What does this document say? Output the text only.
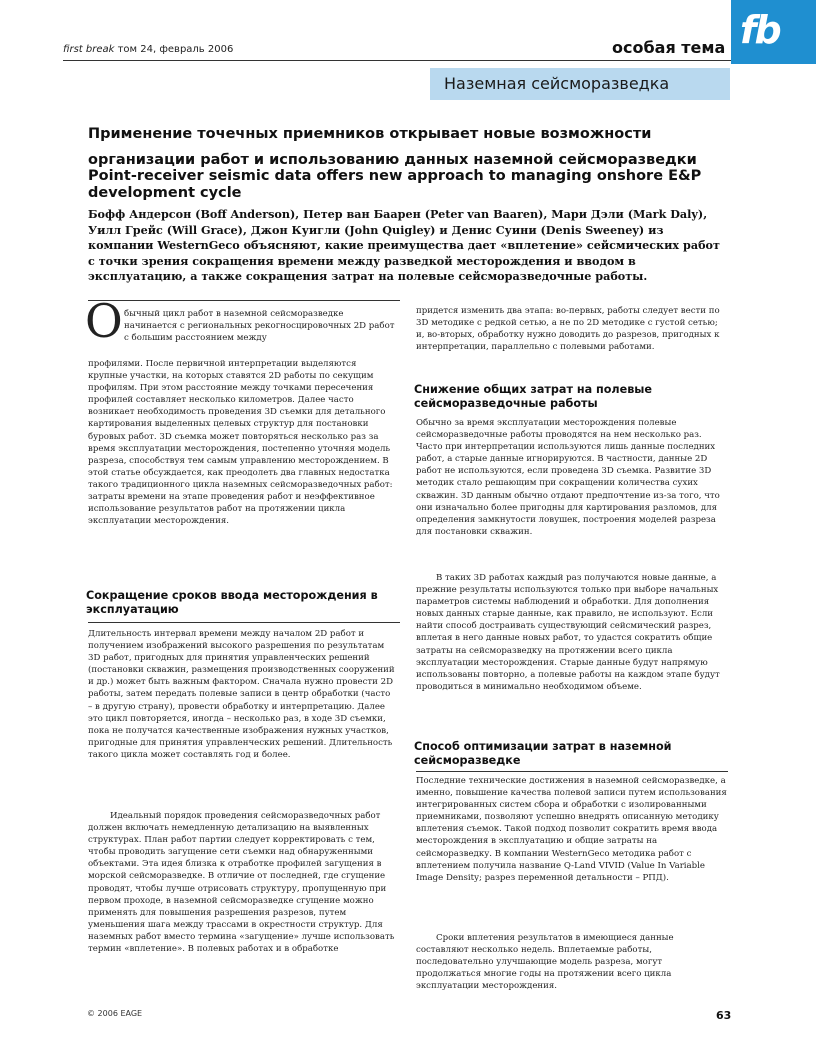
fb
first break том 24, февраль 2006	особая тема
Наземная сейсморазведка
Применение точечных приемников открывает новые возможности организации работ и использованию данных наземной сейсморазведки
Point-receiver seismic data offers new approach to managing onshore E&P development cycle
Бофф Андерсон (Boff Anderson), Петер ван Баарен (Peter van Baaren), Мари Дэли (Mark Daly), Уилл Грейс (Will Grace), Джон Куигли (John Quigley) и Денис Суини (Denis Sweeney) из компании WesternGeco объясняют, какие преимущества дает «вплетение» сейсмических работ с точки зрения сокращения времени между разведкой месторождения и вводом в эксплуатацию, а также сокращения затрат на полевые сейсморазведочные работы.
О бычный цикл работ в наземной сейсморазведке начинается с региональных рекогносцировочных 2D работ с большим расстоянием между
профилями. После первичной интерпретации выделяются крупные участки, на которых ставятся 2D работы по секущим профилям. При этом расстояние между точками пересечения профилей составляет несколько километров. Далее часто возникает необходимость проведения 3D съемки для детального картирования выделенных целевых структур для постановки буровых работ. 3D съемка может повторяться несколько раз за время эксплуатации месторождения, постепенно уточняя модель разреза, способствуя тем самым управлению месторождением. В этой статье обсуждается, как преодолеть два главных недостатка такого традиционного цикла наземных сейсморазведочных работ: затраты времени на этапе проведения работ и неэффективное использование результатов работ на протяжении цикла эксплуатации месторождения.
Сокращение сроков ввода месторождения в эксплуатацию
Длительность интервал времени между началом 2D работ и получением изображений высокого разрешения по результатам 3D работ, пригодных для принятия управленческих решений (постановки скважин, размещения производственных сооружений и др.) может быть важным фактором. Сначала нужно провести 2D работы, затем передать полевые записи в центр обработки (часто – в другую страну), провести обработку и интерпретацию. Далее это цикл повторяется, иногда – несколько раз, в ходе 3D съемки, пока не получатся качественные изображения нужных участков, пригодные для принятия управленческих решений. Длительность такого цикла может составлять год и более.
Идеальный порядок проведения сейсморазведочных работ должен включать немедленную детализацию на выявленных структурах. План работ партии следует корректировать с тем, чтобы проводить загущение сети съемки над обнаруженными объектами. Эта идея близка к отработке профилей загущения в морской сейсморазведке. В отличие от последней, где сгущение проводят, чтобы лучше отрисовать структуру, пропущенную при первом проходе, в наземной сейсморазведке сгущение можно применять для повышения разрешения разрезов, путем уменьшения шага между трассами в окрестности структур. Для наземных работ вместо термина «загущение» лучше использовать термин «вплетение». В полевых работах и в обработке
придется изменить два этапа: во-первых, работы следует вести по 3D методике с редкой сетью, а не по 2D методике с густой сетью; и, во-вторых, обработку нужно доводить до разрезов, пригодных к интерпретации, параллельно с полевыми работами.
Снижение общих затрат на полевые сейсморазведочные работы
Обычно за время эксплуатации месторождения полевые сейсморазведочные работы проводятся на нем несколько раз. Часто при интерпретации используются лишь данные последних работ, а старые данные игнорируются. В частности, данные 2D работ не используются, если проведена 3D съемка. Развитие 3D методик стало решающим при сокращении количества сухих скважин. 3D данным обычно отдают предпочтение из-за того, что они изначально более пригодны для картирования разломов, для определения замкнутости ловушек, построения моделей разреза для постановки скважин.
В таких 3D работах каждый раз получаются новые данные, а прежние результаты используются только при выборе начальных параметров системы наблюдений и обработки. Для дополнения новых данных старые данные, как правило, не используют. Если найти способ достраивать существующий сейсмический разрез, вплетая в него данные новых работ, то удастся сократить общие затраты на сейсморазведку на протяжении всего цикла эксплуатации месторождения. Старые данные будут напрямую использованы повторно, а полевые работы на каждом этапе будут проводиться в минимально необходимом объеме.
Способ оптимизации затрат в наземной сейсморазведке
Последние технические достижения в наземной сейсморазведке, а именно, повышение качества полевой записи путем использования интегрированных систем сбора и обработки с изолированными приемниками, позволяют успешно внедрять описанную методику вплетения съемок. Такой подход позволит сократить время ввода месторождения в эксплуатацию и общие затраты на сейсморазведку. В компании WesternGeco методика работ с вплетением получила название Q-Land VIVID (Value In Variable Image Density; разрез переменной детальности – РПД).
Сроки вплетения результатов в имеющиеся данные составляют несколько недель. Вплетаемые работы, последовательно улучшающие модель разреза, могут продолжаться многие годы на протяжении всего цикла эксплуатации месторождения.
© 2006 EAGE	63
